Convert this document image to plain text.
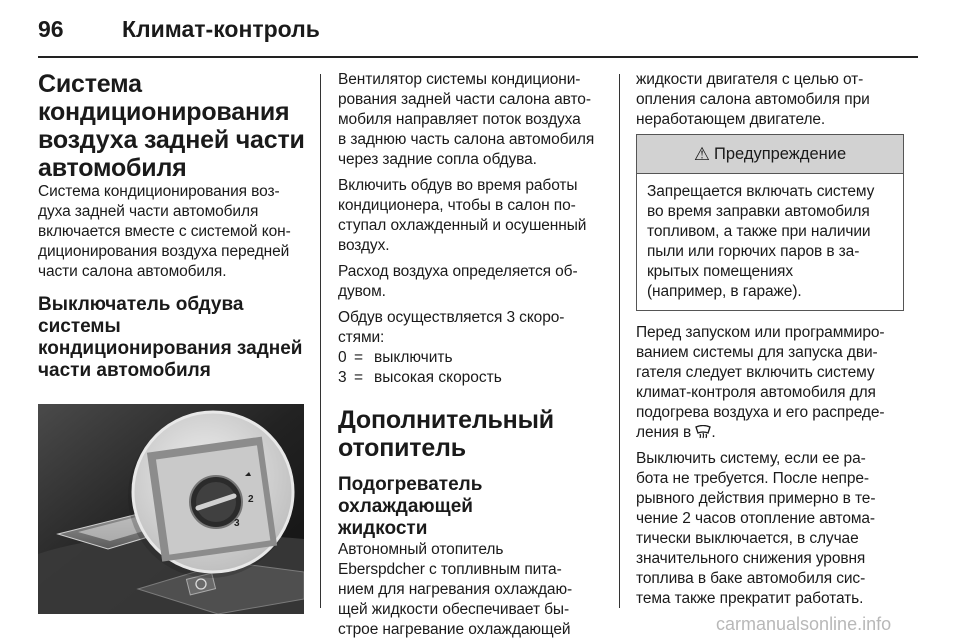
96	Климат-контроль
Система
кондиционирования
воздуха задней части
автомобиля
Система кондиционирования воз-
духа задней части автомобиля
включается вместе с системой кон-
диционирования воздуха передней
части салона автомобиля.
Выключатель обдува системы
кондиционирования задней
части автомобиля
2
3
Вентилятор системы кондициони-
рования задней части салона авто-
мобиля направляет поток воздуха
в заднюю часть салона автомобиля
через задние сопла обдува.
Включить обдув во время работы
кондиционера, чтобы в салон по-
ступал охлажденный и осушенный
воздух.
Расход воздуха определяется об-
дувом.
Обдув осуществляется 3 скоро-
стями:
0 = выключить
3 = высокая скорость
Дополнительный
отопитель
Подогреватель охлаждающей
жидкости
Автономный отопитель
Eberspdcher с топливным пита-
нием для нагревания охлаждаю-
щей жидкости обеспечивает бы-
строе нагревание охлаждающей
жидкости двигателя с целью от-
опления салона автомобиля при
неработающем двигателе.
⚠ Предупреждение
Запрещается включать систему
во время заправки автомобиля
топливом, а также при наличии
пыли или горючих паров в за-
крытых помещениях
(например, в гараже).
Перед запуском или программиро-
ванием системы для запуска дви-
гателя следует включить систему
климат-контроля автомобиля для
подогрева воздуха и его распреде-
ления в .
Выключить систему, если ее ра-
бота не требуется. После непре-
рывного действия примерно в те-
чение 2 часов отопление автома-
тически выключается, в случае
значительного снижения уровня
топлива в баке автомобиля сис-
тема также прекратит работать.
carmanualsonline.info
